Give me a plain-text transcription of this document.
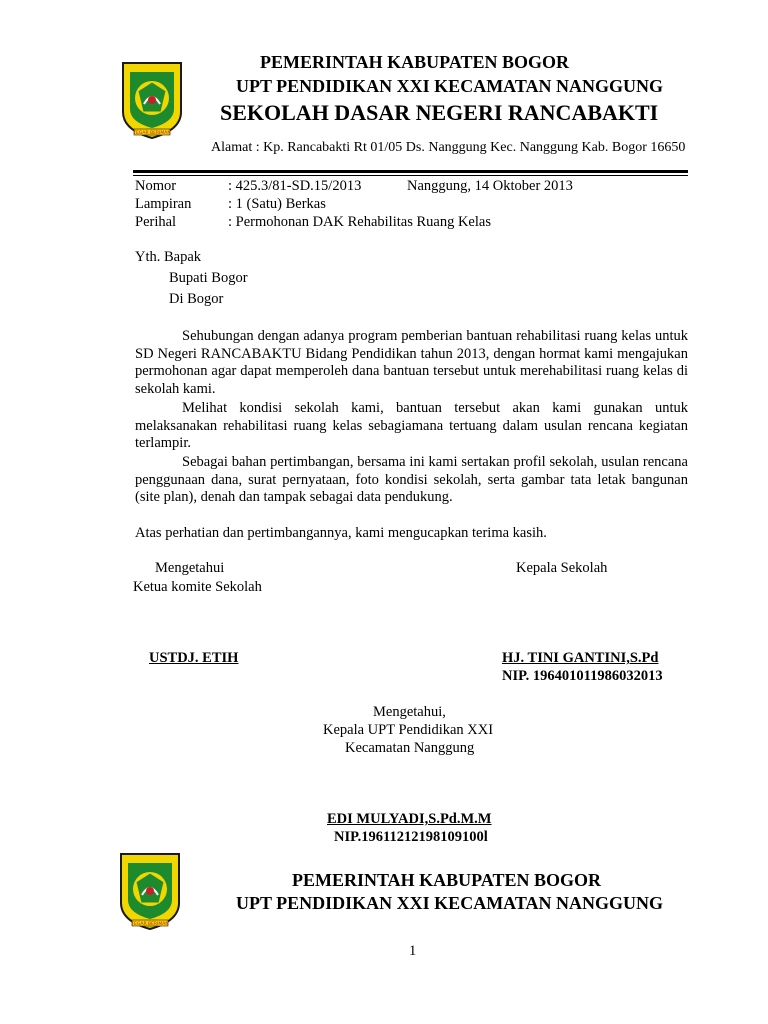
TEGAR BERIMAN
PEMERINTAH KABUPATEN BOGOR
UPT PENDIDIKAN XXI KECAMATAN NANGGUNG
SEKOLAH DASAR NEGERI RANCABAKTI
Alamat : Kp. Rancabakti Rt 01/05 Ds. Nanggung Kec. Nanggung Kab. Bogor 16650
Nomor	: 425.3/81-SD.15/2013	Nanggung, 14 Oktober 2013
Lampiran	: 1 (Satu) Berkas
Perihal	: Permohonan DAK Rehabilitas Ruang Kelas
Yth. Bapak
Bupati Bogor
Di Bogor

Sehubungan dengan adanya program pemberian bantuan rehabilitasi ruang kelas untuk SD Negeri RANCABAKTU Bidang Pendidikan tahun 2013, dengan hormat kami mengajukan permohonan agar dapat memperoleh dana bantuan tersebut untuk merehabilitasi ruang kelas di sekolah kami.

Melihat kondisi sekolah kami, bantuan tersebut akan kami gunakan untuk melaksanakan rehabilitasi ruang kelas sebagiamana tertuang dalam usulan rencana kegiatan terlampir.

Sebagai bahan pertimbangan, bersama ini kami sertakan profil sekolah, usulan rencana penggunaan dana, surat pernyataan, foto kondisi sekolah, serta gambar tata letak bangunan (site plan), denah dan tampak sebagai data pendukung.

Atas perhatian dan pertimbangannya, kami mengucapkan terima kasih.
Mengetahui
Ketua komite Sekolah
Kepala Sekolah
USTDJ. ETIH	HJ. TINI GANTINI,S.Pd
NIP. 196401011986032013
Mengetahui,
Kepala UPT Pendidikan XXI
Kecamatan Nanggung
EDI MULYADI,S.Pd.M.M
NIP.19611212198109100l
TEGAR BERIMAN
PEMERINTAH KABUPATEN BOGOR
UPT PENDIDIKAN XXI KECAMATAN NANGGUNG
1
